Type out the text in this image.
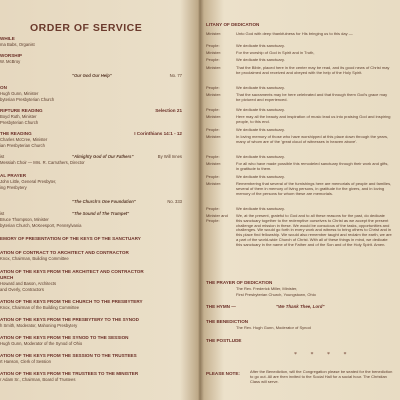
ORDER OF SERVICE
WHILE
ma Babs, Organist
WORSHIP
W. McBroy
"Our God Our Help"	No. 77
ON
Hugh Gunn, Minister
byterian Presbyterian Church
RIPTURE READING	Selection 21
Boyd Ruth, Minister
Presbyterian Church
THE READING	I Corinthians 14:1 - 12
Charles McCree, Minister
ian Presbyterian Church
ist	"Almighty God of Our Fathers"	By Will Innes
Messiah Choir — Mrs. R. Carruthers, Director
AL PRAYER
John Little, General Presbyter,
ing Presbytery
"The Church's One Foundation"	No. 333
ist	"The Sound of The Trumpet"
Bruce Thompson, Minister
byterian Church, McKeesport, Pennsylvania
EMORY OF PRESENTATION OF THE KEYS OF THE SANCTUARY
ATION OF CONTRACT TO ARCHITECT AND CONTRACTOR
Knox, Chairman, Building Committee
ATION OF THE KEYS FROM THE ARCHITECT AND CONTRACTOR
URCH
Howard and Bason, Architects
and Overly, Contractors
ATION OF THE KEYS FROM THE CHURCH TO THE PRESBYTERY
Knox, Chairman of the Building Committee
ATION OF THE KEYS FROM THE PRESBYTERY TO THE SYNOD
h Smith, Moderator, Mahoning Presbytery
ATION OF THE KEYS FROM THE SYNOD TO THE SESSION
Hugh Gunn, Moderator of the Synod of Ohio
ATION OF THE KEYS FROM THE SESSION TO THE TRUSTEES
rt Hanson, Clerk of Session
ATION OF THE KEYS FROM THE TRUSTEES TO THE MINISTER
r Adam Sr., Chairman, Board of Trustees
LITANY OF DEDICATION
Minister:	Unto God with deep thankfulness for His bringing us to this day —
People:	We dedicate this sanctuary.
Minister:	For the worship of God in Spirit and in Truth,
People:	We dedicate this sanctuary.
Minister:	That the Bible, placed here in the center may be read, and its good news of Christ may be proclaimed and received and obeyed with the help of the Holy Spirit.
People:	We dedicate this sanctuary.
Minister:	That the sacraments may be here celebrated and that through them God's grace may be pictured and experienced.
People:	We dedicate this sanctuary.
Minister:	Here may all the beauty and inspiration of music lead us into praising God and inspiring people, to this end.
People:	We dedicate this sanctuary.
Minister:	In loving memory of those who have worshipped at this place down through the years, many of whom are of the 'great cloud of witnesses in heaven above'.
People:	We dedicate this sanctuary.
Minister:	For all who have made possible this remodeled sanctuary through their work and gifts, in gratitude to them.
People:	We dedicate this sanctuary.
Minister:	Remembering that several of the furnishings here are memorials of people and families, several of them in memory of living persons, in gratitude for the givers, and in loving memory of the persons for whom these are memorials.
People:	We dedicate this sanctuary.
Minister and People:We, at the present, grateful to God and to all these reasons for the past, do dedicate this sanctuary together to the redemptive ourselves to Christ as we accept the present challenge and mission in these. We would be conscious of the tasks, opportunities and challenges. We would go forth in every work and witness to bring others to Christ and in this place find fellowship. We would also remember taught and reclaim the earth, we are a part of the world-wide Church of Christ. With all of these things in mind, we dedicate this sanctuary in the name of the Father and of the Son and of the Holy Spirit. Amen.
THE PRAYER OF DEDICATION
The Rev. Frederick Miller, Minister,
First Presbyterian Church, Youngstown, Ohio
THE HYMN —	"We Thank Thee, Lord"
THE BENEDICTION
The Rev. Hugh Gunn, Moderator of Synod
THE POSTLUDE
* * * *
PLEASE NOTE:	After the Benediction, will the Congregation please be seated for the benediction to go out. All are then invited to the Social Hall for a social hour. The Christian Class will serve.
